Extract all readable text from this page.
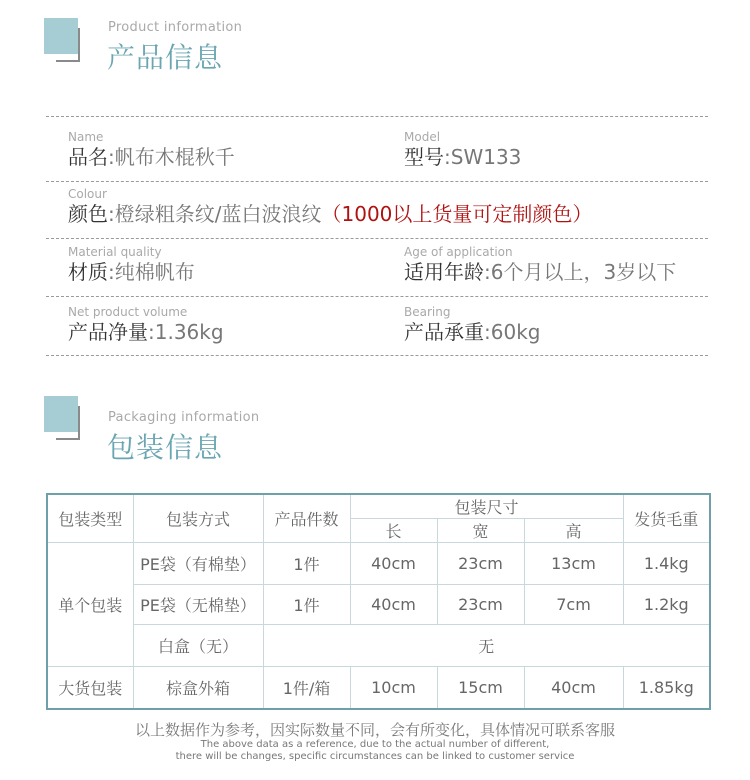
Product information
产品信息
Name
品名:帆布木棍秋千
Model
型号:SW133
Colour
颜色:橙绿粗条纹/蓝白波浪纹（1000以上货量可定制颜色）
Material quality
材质:纯棉帆布
Age of application
适用年龄:6个月以上，3岁以下
Net product volume
产品净量:1.36kg
Bearing
产品承重:60kg
Packaging information
包装信息
包装类型	包装方式	产品件数	包装尺寸			发货毛重
			长	宽	高	
单个包装	PE袋（有棉垫）	1件	40cm	23cm	13cm	1.4kg
	PE袋（无棉垫）	1件	40cm	23cm	7cm	1.2kg
	白盒（无）	无				
大货包装	棕盒外箱	1件/箱	10cm	15cm	40cm	1.85kg
以上数据作为参考，因实际数量不同，会有所变化，具体情况可联系客服
The above data as a reference, due to the actual number of different,
there will be changes, specific circumstances can be linked to customer service
